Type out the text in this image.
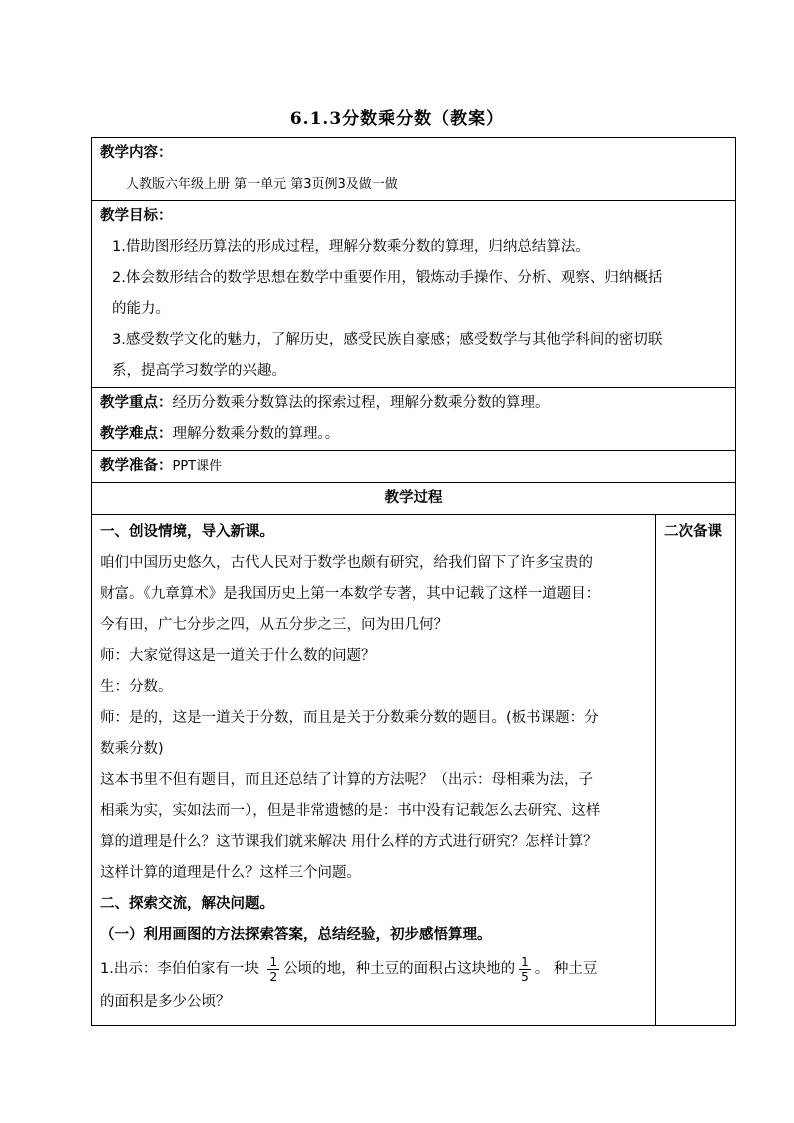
6.1.3分数乘分数（教案）
教学内容：
人教版六年级上册 第一单元 第3页例3及做一做

教学目标：
1.借助图形经历算法的形成过程，理解分数乘分数的算理，归纳总结算法。
2.体会数形结合的数学思想在数学中重要作用，锻炼动手操作、分析、观察、归纳概括
的能力。
3.感受数学文化的魅力，了解历史，感受民族自豪感；感受数学与其他学科间的密切联
系，提高学习数学的兴趣。

教学重点：经历分数乘分数算法的探索过程，理解分数乘分数的算理。
教学难点：理解分数乘分数的算理。。

教学准备：PPT课件
教学过程

一、创设情境，导入新课。
咱们中国历史悠久，古代人民对于数学也颇有研究，给我们留下了许多宝贵的
财富。《九章算术》是我国历史上第一本数学专著，其中记载了这样一道题目：
今有田，广七分步之四，从五分步之三，问为田几何？
师：大家觉得这是一道关于什么数的问题？
生：分数。
师：是的，这是一道关于分数，而且是关于分数乘分数的题目。(板书课题：分
数乘分数)
这本书里不但有题目，而且还总结了计算的方法呢？（出示：母相乘为法，子
相乘为实，实如法而一），但是非常遗憾的是：书中没有记载怎么去研究、这样
算的道理是什么？这节课我们就来解决 用什么样的方式进行研究？怎样计算？
这样计算的道理是什么？这样三个问题。
二、探索交流，解决问题。
（一）利用画图的方法探索答案，总结经验，初步感悟算理。
1.出示：李伯伯家有一块 $\frac{1}{2}$ 公顷的地，种土豆的面积占这块地的 $\frac{1}{5}$ 。 种土豆
的面积是多少公顷？
	二次备课
